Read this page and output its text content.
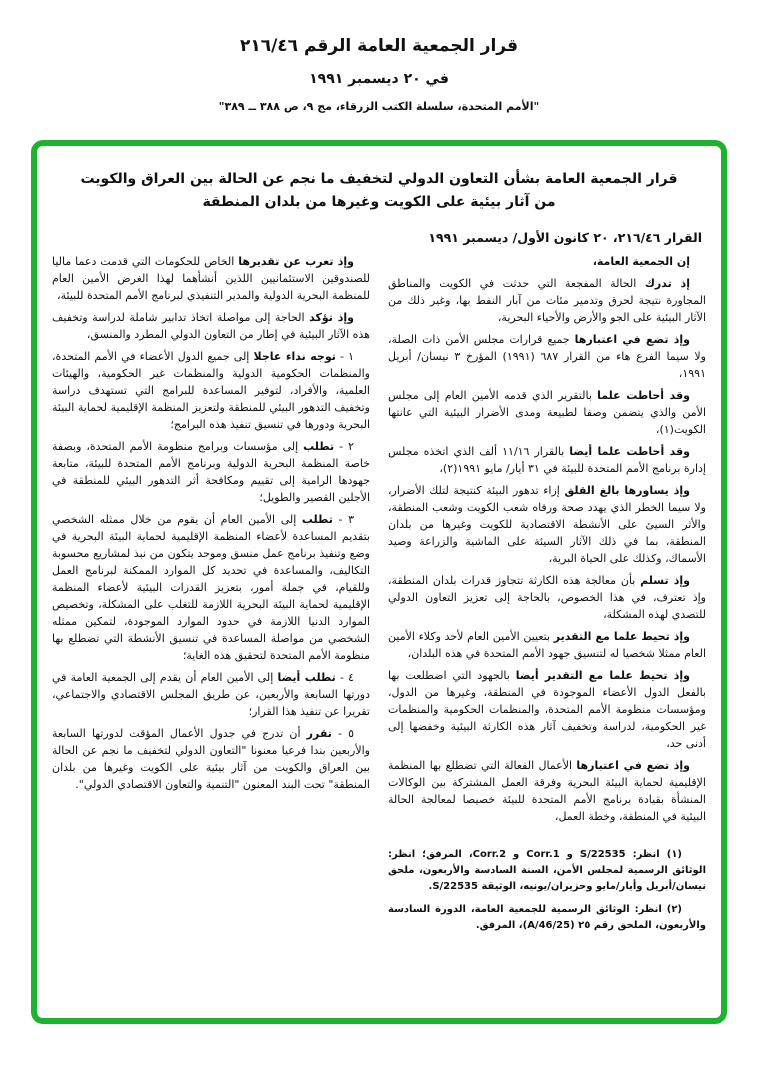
قرار الجمعية العامة الرقم ٢١٦/٤٦
في ٢٠ ديسمبر ١٩٩١
"الأمم المتحدة، سلسلة الكتب الزرقاء، مج ٩، ص ٣٨٨ ــ ٣٨٩"
قرار الجمعية العامة بشأن التعاون الدولي لتخفيف ما نجم عن الحالة بين العراق والكويت من آثار بيئية على الكويت وغيرها من بلدان المنطقة
القرار ٢١٦/٤٦، ٢٠ كانون الأول/ ديسمبر ١٩٩١

إن الجمعية العامة،

إذ تدرك الحالة المفجعة التي حدثت في الكويت والمناطق المجاورة نتيجة لحرق وتدمير مئات من آبار النفط بها، وغير ذلك من الآثار البيئية على الجو والأرض والأحياء البحرية،

وإذ تضع في اعتبارها جميع قرارات مجلس الأمن ذات الصلة، ولا سيما الفرع هاء من القرار ٦٨٧ (١٩٩١) المؤرخ ٣ نيسان/ أبريل ١٩٩١،

وقد أحاطت علما بالتقرير الذي قدمه الأمين العام إلى مجلس الأمن والذي يتضمن وصفا لطبيعة ومدى الأضرار البيئية التي عانتها الكويت(١)،

وقد أحاطت علما أيضا بالقرار ١١/١٦ ألف الذي اتخذه مجلس إدارة برنامج الأمم المتحدة للبيئة في ٣١ أيار/ مايو ١٩٩١(٢)،

وإذ يساورها بالغ القلق إزاء تدهور البيئة كنتيجة لتلك الأضرار، ولا سيما الخطر الذي يهدد صحة ورفاه شعب الكويت وشعب المنطقة، والأثر السيئ على الأنشطة الاقتصادية للكويت وغيرها من بلدان المنطقة، بما في ذلك الآثار السيئة على الماشية والزراعة وصيد الأسماك، وكذلك على الحياة البرية،

وإذ تسلم بأن معالجة هذه الكارثة تتجاوز قدرات بلدان المنطقة، وإذ تعترف، في هذا الخصوص، بالحاجة إلى تعزيز التعاون الدولي للتصدي لهذه المشكلة،

وإذ تحيط علما مع التقدير بتعيين الأمين العام لأحد وكلاء الأمين العام ممثلا شخصيا له لتنسيق جهود الأمم المتحدة في هذه البلدان،

وإذ تحيط علما مع التقدير أيضا بالجهود التي اضطلعت بها بالفعل الدول الأعضاء الموجودة في المنطقة، وغيرها من الدول، ومؤسسات منظومة الأمم المتحدة، والمنظمات الحكومية والمنظمات غير الحكومية، لدراسة وتخفيف آثار هذه الكارثة البيئية وخفضها إلى أدنى حد،

وإذ تضع في اعتبارها الأعمال الفعالة التي تضطلع بها المنظمة الإقليمية لحماية البيئة البحرية وفرقة العمل المشتركة بين الوكالات المنشأة بقيادة برنامج الأمم المتحدة للبيئة خصيصا لمعالجة الحالة البيئية في المنطقة، وخطة العمل،

(١) انظر: S/22535 و Corr.1 و Corr.2، المرفق؛ انظر: الوثائق الرسمية لمجلس الأمن، السنة السادسة والأربعون، ملحق نيسان/أبريل وأيار/مايو وحزيران/يونيه، الوثيقة S/22535.

(٢) انظر: الوثائق الرسمية للجمعية العامة، الدورة السادسة والأربعون، الملحق رقم ٢٥ (A/46/25)، المرفق.

وإذ تعرب عن تقديرها الخاص للحكومات التي قدمت دعما ماليا للصندوقين الاستئمانيين اللذين أنشأهما لهذا الغرض الأمين العام للمنظمة البحرية الدولية والمدير التنفيذي لبرنامج الأمم المتحدة للبيئة،

وإذ تؤكد الحاجة إلى مواصلة اتخاذ تدابير شاملة لدراسة وتخفيف هذه الآثار البيئية في إطار من التعاون الدولي المطرد والمنسق،

١ - توجه نداء عاجلا إلى جميع الدول الأعضاء في الأمم المتحدة، والمنظمات الحكومية الدولية والمنظمات غير الحكومية، والهيئات العلمية، والأفراد، لتوفير المساعدة للبرامج التي تستهدف دراسة وتخفيف التدهور البيئي للمنطقة ولتعزيز المنظمة الإقليمية لحماية البيئة البحرية ودورها في تنسيق تنفيذ هذه البرامج؛

٢ - تطلب إلى مؤسسات وبرامج منظومة الأمم المتحدة، وبصفة خاصة المنظمة البحرية الدولية وبرنامج الأمم المتحدة للبيئة، متابعة جهودها الرامية إلى تقييم ومكافحة أثر التدهور البيئي للمنطقة في الأجلين القصير والطويل؛

٣ - تطلب إلى الأمين العام أن يقوم من خلال ممثله الشخصي بتقديم المساعدة لأعضاء المنظمة الإقليمية لحماية البيئة البحرية في وضع وتنفيذ برنامج عمل منسق وموحد يتكون من نبذ لمشاريع محسوبة التكاليف، والمساعدة في تحديد كل الموارد الممكنة لبرنامج العمل وللقيام، في جملة أمور، بتعزيز القدرات البيئية لأعضاء المنظمة الإقليمية لحماية البيئة البحرية اللازمة للتغلب على المشكلة، وتخصيص الموارد الدنيا اللازمة في حدود الموارد الموجودة، لتمكين ممثله الشخصي من مواصلة المساعدة في تنسيق الأنشطة التي تضطلع بها منظومة الأمم المتحدة لتحقيق هذه الغاية؛

٤ - تطلب أيضا إلى الأمين العام أن يقدم إلى الجمعية العامة في دورتها السابعة والأربعين، عن طريق المجلس الاقتصادي والاجتماعي، تقريرا عن تنفيذ هذا القرار؛

٥ - تقرر أن تدرج في جدول الأعمال المؤقت لدورتها السابعة والأربعين بندا فرعيا معنونا "التعاون الدولي لتخفيف ما نجم عن الحالة بين العراق والكويت من آثار بيئية على الكويت وغيرها من بلدان المنطقة" تحت البند المعنون "التنمية والتعاون الاقتصادي الدولي".
